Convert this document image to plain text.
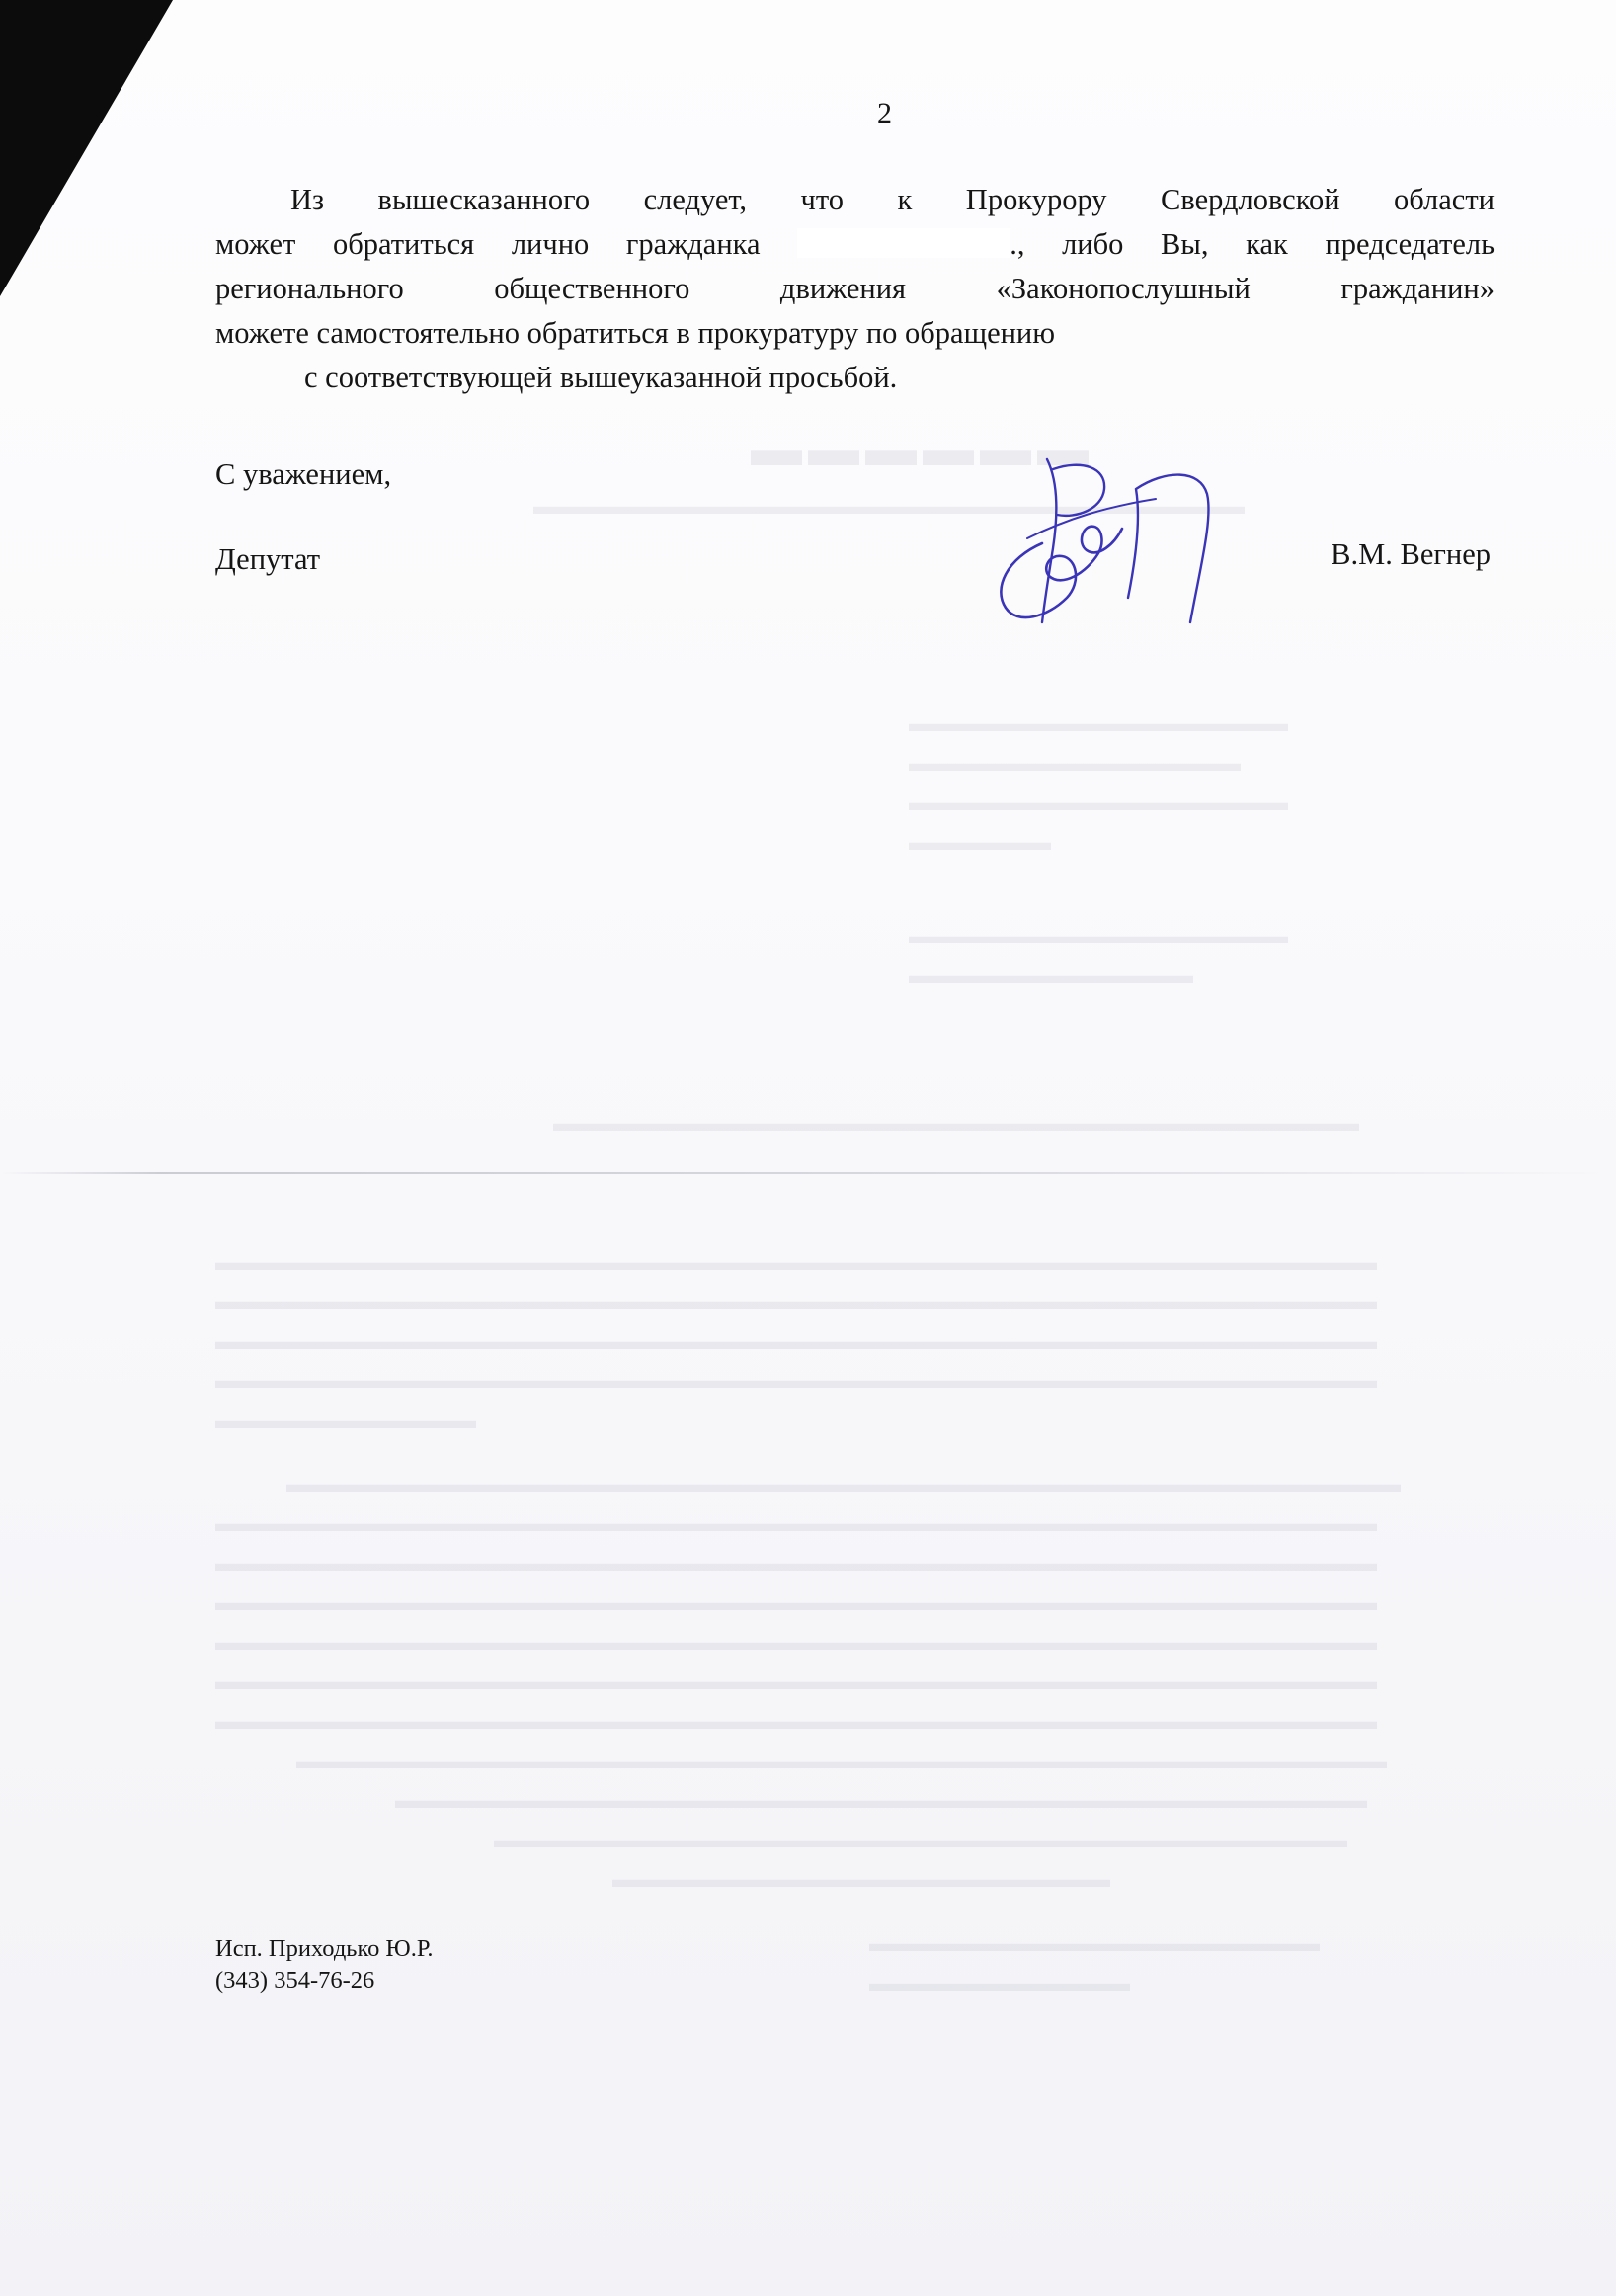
▬▬▬▬▬▬
▬▬▬▬▬▬▬▬▬▬▬▬▬▬▬▬▬▬▬▬▬▬▬▬▬▬▬▬▬▬
▬▬▬▬▬▬▬▬▬▬▬▬▬▬▬▬
▬▬▬▬▬▬▬▬▬▬▬▬▬▬
▬▬▬▬▬▬▬▬▬▬▬▬▬▬▬▬
▬▬▬▬▬▬
▬▬▬▬▬▬▬▬▬▬▬▬▬▬▬▬
▬▬▬▬▬▬▬▬▬▬▬▬
▬▬▬▬▬▬▬▬▬▬▬▬▬▬▬▬▬▬▬▬▬▬▬▬▬▬▬▬▬▬▬▬▬▬
▬▬▬▬▬▬▬▬▬▬▬▬▬▬▬▬▬▬▬▬▬▬▬▬▬▬▬▬▬▬▬▬▬▬▬▬▬▬▬▬▬▬▬▬▬▬▬▬▬
▬▬▬▬▬▬▬▬▬▬▬▬▬▬▬▬▬▬▬▬▬▬▬▬▬▬▬▬▬▬▬▬▬▬▬▬▬▬▬▬▬▬▬▬▬▬▬▬▬
▬▬▬▬▬▬▬▬▬▬▬▬▬▬▬▬▬▬▬▬▬▬▬▬▬▬▬▬▬▬▬▬▬▬▬▬▬▬▬▬▬▬▬▬▬▬▬▬▬
▬▬▬▬▬▬▬▬▬▬▬▬▬▬▬▬▬▬▬▬▬▬▬▬▬▬▬▬▬▬▬▬▬▬▬▬▬▬▬▬▬▬▬▬▬▬▬▬▬
▬▬▬▬▬▬▬▬▬▬▬
▬▬▬▬▬▬▬▬▬▬▬▬▬▬▬▬▬▬▬▬▬▬▬▬▬▬▬▬▬▬▬▬▬▬▬▬▬▬▬▬▬▬▬▬▬▬▬
▬▬▬▬▬▬▬▬▬▬▬▬▬▬▬▬▬▬▬▬▬▬▬▬▬▬▬▬▬▬▬▬▬▬▬▬▬▬▬▬▬▬▬▬▬▬▬▬▬
▬▬▬▬▬▬▬▬▬▬▬▬▬▬▬▬▬▬▬▬▬▬▬▬▬▬▬▬▬▬▬▬▬▬▬▬▬▬▬▬▬▬▬▬▬▬▬▬▬
▬▬▬▬▬▬▬▬▬▬▬▬▬▬▬▬▬▬▬▬▬▬▬▬▬▬▬▬▬▬▬▬▬▬▬▬▬▬▬▬▬▬▬▬▬▬▬▬▬
▬▬▬▬▬▬▬▬▬▬▬▬▬▬▬▬▬▬▬▬▬▬▬▬▬▬▬▬▬▬▬▬▬▬▬▬▬▬▬▬▬▬▬▬▬▬▬▬▬
▬▬▬▬▬▬▬▬▬▬▬▬▬▬▬▬▬▬▬▬▬▬▬▬▬▬▬▬▬▬▬▬▬▬▬▬▬▬▬▬▬▬▬▬▬▬▬▬▬
▬▬▬▬▬▬▬▬▬▬▬▬▬▬▬▬▬▬▬▬▬▬▬▬▬▬▬▬▬▬▬▬▬▬▬▬▬▬▬▬▬▬▬▬▬▬▬▬▬
▬▬▬▬▬▬▬▬▬▬▬▬▬▬▬▬▬▬▬▬▬▬▬▬▬▬▬▬▬▬▬▬▬▬▬▬▬▬▬▬▬▬▬▬▬▬
▬▬▬▬▬▬▬▬▬▬▬▬▬▬▬▬▬▬▬▬▬▬▬▬▬▬▬▬▬▬▬▬▬▬▬▬▬▬▬▬▬
▬▬▬▬▬▬▬▬▬▬▬▬▬▬▬▬▬▬▬▬▬▬▬▬▬▬▬▬▬▬▬▬▬▬▬▬
▬▬▬▬▬▬▬▬▬▬▬▬▬▬▬▬▬▬▬▬▬
▬▬▬▬▬▬▬▬▬▬▬▬▬▬▬▬▬▬▬
▬▬▬▬▬▬▬▬▬▬▬
2
Из вышесказанного следует, что к Прокурору Свердловской области
может обратиться лично гражданка	., либо Вы, как председатель
регионального общественного движения «Законопослушный гражданин»
можете самостоятельно обратиться в прокуратуру по обращению
с соответствующей вышеуказанной просьбой.
С уважением,
Депутат	В.М. Вегнер
Исп. Приходько Ю.Р.
(343) 354-76-26
